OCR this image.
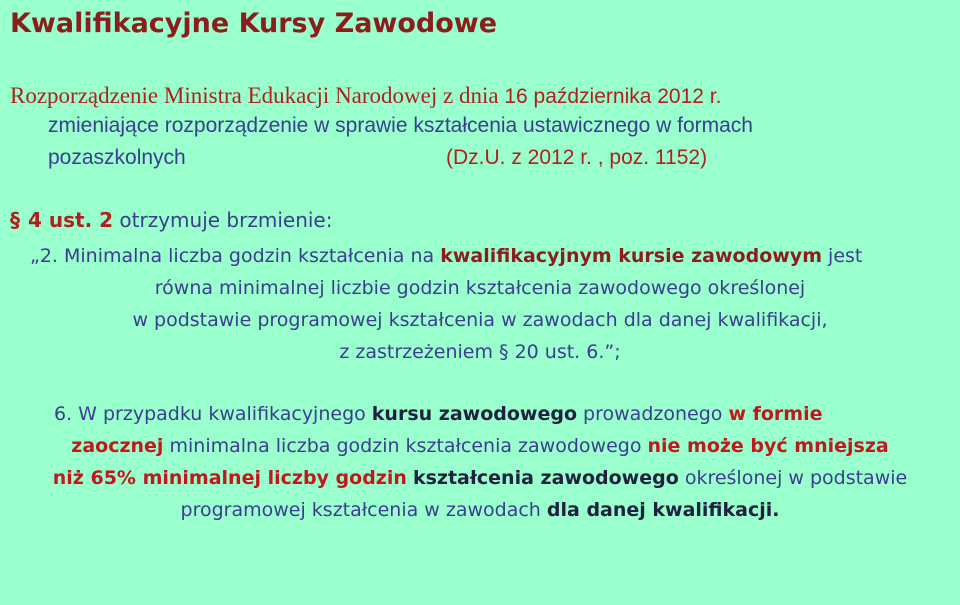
Kwalifikacyjne Kursy Zawodowe
Rozporządzenie Ministra Edukacji Narodowej z dnia 16 października 2012 r.
zmieniające rozporządzenie w sprawie kształcenia ustawicznego w formach
pozaszkolnych	(Dz.U. z 2012 r. , poz. 1152)
§ 4 ust. 2 otrzymuje brzmienie:
„2. Minimalna liczba godzin kształcenia na kwalifikacyjnym kursie zawodowym jest
równa minimalnej liczbie godzin kształcenia zawodowego określonej
w podstawie programowej kształcenia w zawodach dla danej kwalifikacji,
z zastrzeżeniem § 20 ust. 6.”;
6. W przypadku kwalifikacyjnego kursu zawodowego prowadzonego w formie
zaocznej minimalna liczba godzin kształcenia zawodowego nie może być mniejsza
niż 65% minimalnej liczby godzin kształcenia zawodowego określonej w podstawie
programowej kształcenia w zawodach dla danej kwalifikacji.
